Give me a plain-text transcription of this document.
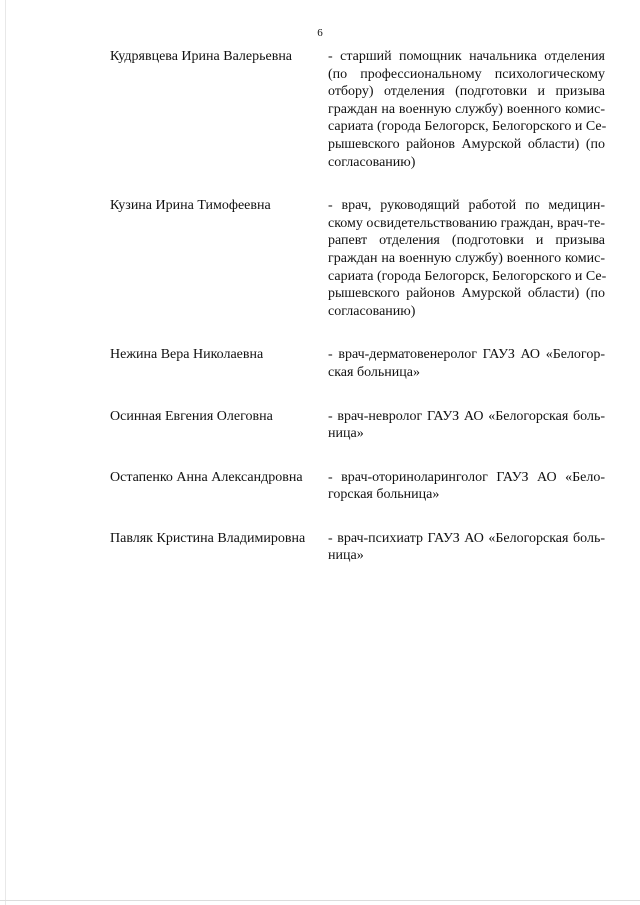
6
Кудрявцева Ирина Валерьевна	- старший помощник начальника отделения
(по профессиональному психологическому
отбору) отделения (подготовки и призыва
граждан на военную службу) военного комис-
сариата (города Белогорск, Белогорского и Се-
рышевского районов Амурской области) (по
согласованию)
Кузина Ирина Тимофеевна	- врач, руководящий работой по медицин-
скому освидетельствованию граждан, врач-те-
рапевт отделения (подготовки и призыва
граждан на военную службу) военного комис-
сариата (города Белогорск, Белогорского и Се-
рышевского районов Амурской области) (по
согласованию)
Нежина Вера Николаевна	- врач-дерматовенеролог ГАУЗ АО «Белогор-
ская больница»
Осинная Евгения Олеговна	- врач-невролог ГАУЗ АО «Белогорская боль-
ница»
Остапенко Анна Александровна	- врач-оториноларинголог ГАУЗ АО «Бело-
горская больница»
Павляк Кристина Владимировна	- врач-психиатр ГАУЗ АО «Белогорская боль-
ница»
